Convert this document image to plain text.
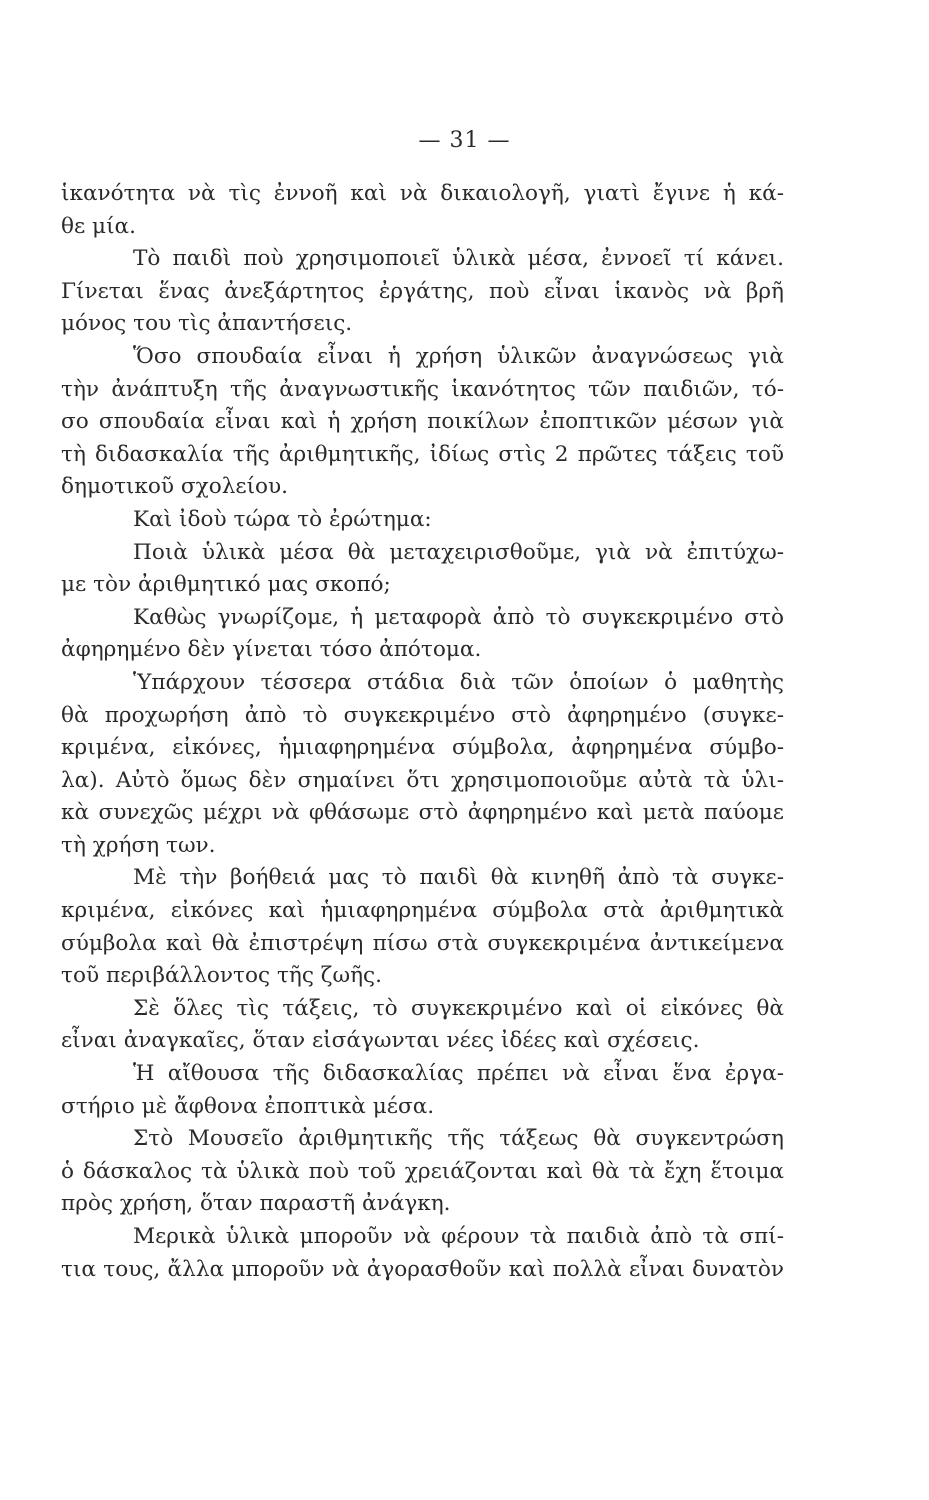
— 31 —
ἱκανότητα νὰ τὶς ἐννοῆ καὶ νὰ δικαιολογῆ, γιατὶ ἔγινε ἡ κά-
θε μία.
Τὸ παιδὶ ποὺ χρησιμοποιεῖ ὑλικὰ μέσα, ἐννοεῖ τί κάνει.
Γίνεται ἕνας ἀνεξάρτητος ἐργάτης, ποὺ εἶναι ἱκανὸς νὰ βρῆ
μόνος του τὶς ἀπαντήσεις.
Ὅσο σπουδαία εἶναι ἡ χρήση ὑλικῶν ἀναγνώσεως γιὰ
τὴν ἀνάπτυξη τῆς ἀναγνωστικῆς ἱκανότητος τῶν παιδιῶν, τό-
σο σπουδαία εἶναι καὶ ἡ χρήση ποικίλων ἐποπτικῶν μέσων γιὰ
τὴ διδασκαλία τῆς ἀριθμητικῆς, ἰδίως στὶς 2 πρῶτες τάξεις τοῦ
δημοτικοῦ σχολείου.
Καὶ ἰδοὺ τώρα τὸ ἐρώτημα:
Ποιὰ ὑλικὰ μέσα θὰ μεταχειρισθοῦμε, γιὰ νὰ ἐπιτύχω-
με τὸν ἀριθμητικό μας σκοπό;
Καθὼς γνωρίζομε, ἡ μεταφορὰ ἀπὸ τὸ συγκεκριμένο στὸ
ἀφηρημένο δὲν γίνεται τόσο ἀπότομα.
Ὑπάρχουν τέσσερα στάδια διὰ τῶν ὁποίων ὁ μαθητὴς
θὰ προχωρήση ἀπὸ τὸ συγκεκριμένο στὸ ἀφηρημένο (συγκε-
κριμένα, εἰκόνες, ἡμιαφηρημένα σύμβολα, ἀφηρημένα σύμβο-
λα). Αὐτὸ ὅμως δὲν σημαίνει ὅτι χρησιμοποιοῦμε αὐτὰ τὰ ὑλι-
κὰ συνεχῶς μέχρι νὰ φθάσωμε στὸ ἀφηρημένο καὶ μετὰ παύομε
τὴ χρήση των.
Μὲ τὴν βοήθειά μας τὸ παιδὶ θὰ κινηθῆ ἀπὸ τὰ συγκε-
κριμένα, εἰκόνες καὶ ἡμιαφηρημένα σύμβολα στὰ ἀριθμητικὰ
σύμβολα καὶ θὰ ἐπιστρέψη πίσω στὰ συγκεκριμένα ἀντικείμενα
τοῦ περιβάλλοντος τῆς ζωῆς.
Σὲ ὅλες τὶς τάξεις, τὸ συγκεκριμένο καὶ οἱ εἰκόνες θὰ
εἶναι ἀναγκαῖες, ὅταν εἰσάγωνται νέες ἰδέες καὶ σχέσεις.
Ἡ αἴθουσα τῆς διδασκαλίας πρέπει νὰ εἶναι ἕνα ἐργα-
στήριο μὲ ἄφθονα ἐποπτικὰ μέσα.
Στὸ Μουσεῖο ἀριθμητικῆς τῆς τάξεως θὰ συγκεντρώση
ὁ δάσκαλος τὰ ὑλικὰ ποὺ τοῦ χρειάζονται καὶ θὰ τὰ ἔχη ἕτοιμα
πρὸς χρήση, ὅταν παραστῆ ἀνάγκη.
Μερικὰ ὑλικὰ μποροῦν νὰ φέρουν τὰ παιδιὰ ἀπὸ τὰ σπί-
τια τους, ἄλλα μποροῦν νὰ ἀγορασθοῦν καὶ πολλὰ εἶναι δυνατὸν
